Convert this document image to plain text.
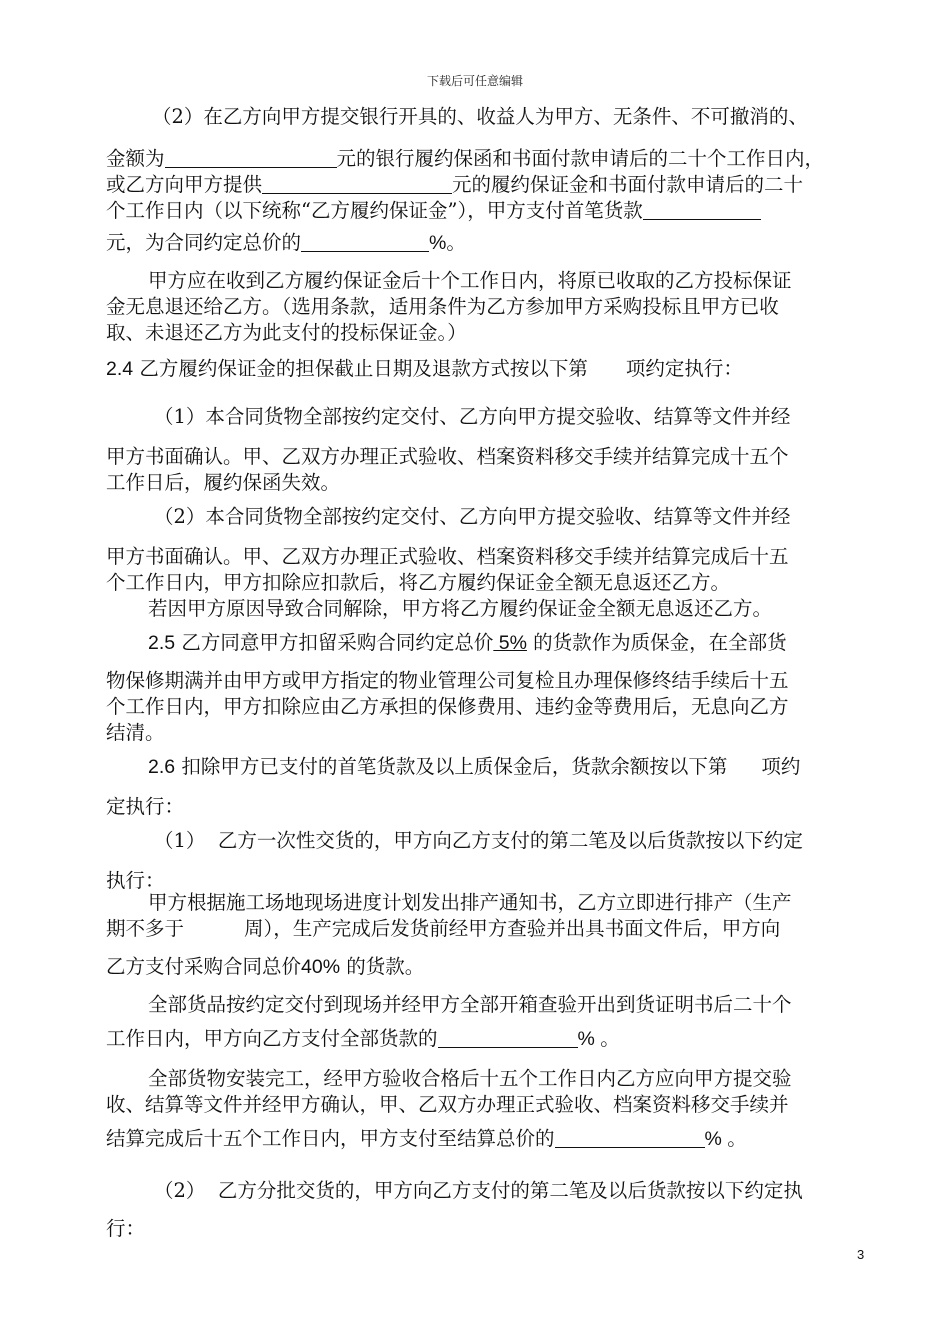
下载后可任意编辑
（2）在乙方向甲方提交银行开具的、收益人为甲方、无条件、不可撤消的、
金额为	元的银行履约保函和书面付款申请后的二十个工作日内，
或乙方向甲方提供	元的履约保证金和书面付款申请后的二十
个工作日内（以下统称“乙方履约保证金”），甲方支付首笔货款
元，为合同约定总价的	%。
甲方应在收到乙方履约保证金后十个工作日内，将原已收取的乙方投标保证
金无息退还给乙方。（选用条款，适用条件为乙方参加甲方采购投标且甲方已收
取、未退还乙方为此支付的投标保证金。）
2.4 乙方履约保证金的担保截止日期及退款方式按以下第 项约定执行：
（1）本合同货物全部按约定交付、乙方向甲方提交验收、结算等文件并经
甲方书面确认。甲、乙双方办理正式验收、档案资料移交手续并结算完成十五个
工作日后，履约保函失效。
（2）本合同货物全部按约定交付、乙方向甲方提交验收、结算等文件并经
甲方书面确认。甲、乙双方办理正式验收、档案资料移交手续并结算完成后十五
个工作日内，甲方扣除应扣款后，将乙方履约保证金全额无息返还乙方。
若因甲方原因导致合同解除，甲方将乙方履约保证金全额无息返还乙方。
2.5 乙方同意甲方扣留采购合同约定总价 5% 的货款作为质保金，在全部货
物保修期满并由甲方或甲方指定的物业管理公司复检且办理保修终结手续后十五
个工作日内，甲方扣除应由乙方承担的保修费用、违约金等费用后，无息向乙方
结清。
2.6 扣除甲方已支付的首笔货款及以上质保金后，货款余额按以下第 项约
定执行：
（1） 乙方一次性交货的，甲方向乙方支付的第二笔及以后货款按以下约定
执行：
甲方根据施工场地现场进度计划发出排产通知书，乙方立即进行排产（生产
期不多于	周），生产完成后发货前经甲方查验并出具书面文件后，甲方向
乙方支付采购合同总价40% 的货款。
全部货品按约定交付到现场并经甲方全部开箱查验开出到货证明书后二十个
工作日内，甲方向乙方支付全部货款的	% 。
全部货物安装完工，经甲方验收合格后十五个工作日内乙方应向甲方提交验
收、结算等文件并经甲方确认，甲、乙双方办理正式验收、档案资料移交手续并
结算完成后十五个工作日内，甲方支付至结算总价的	% 。
（2） 乙方分批交货的，甲方向乙方支付的第二笔及以后货款按以下约定执
行：
3
